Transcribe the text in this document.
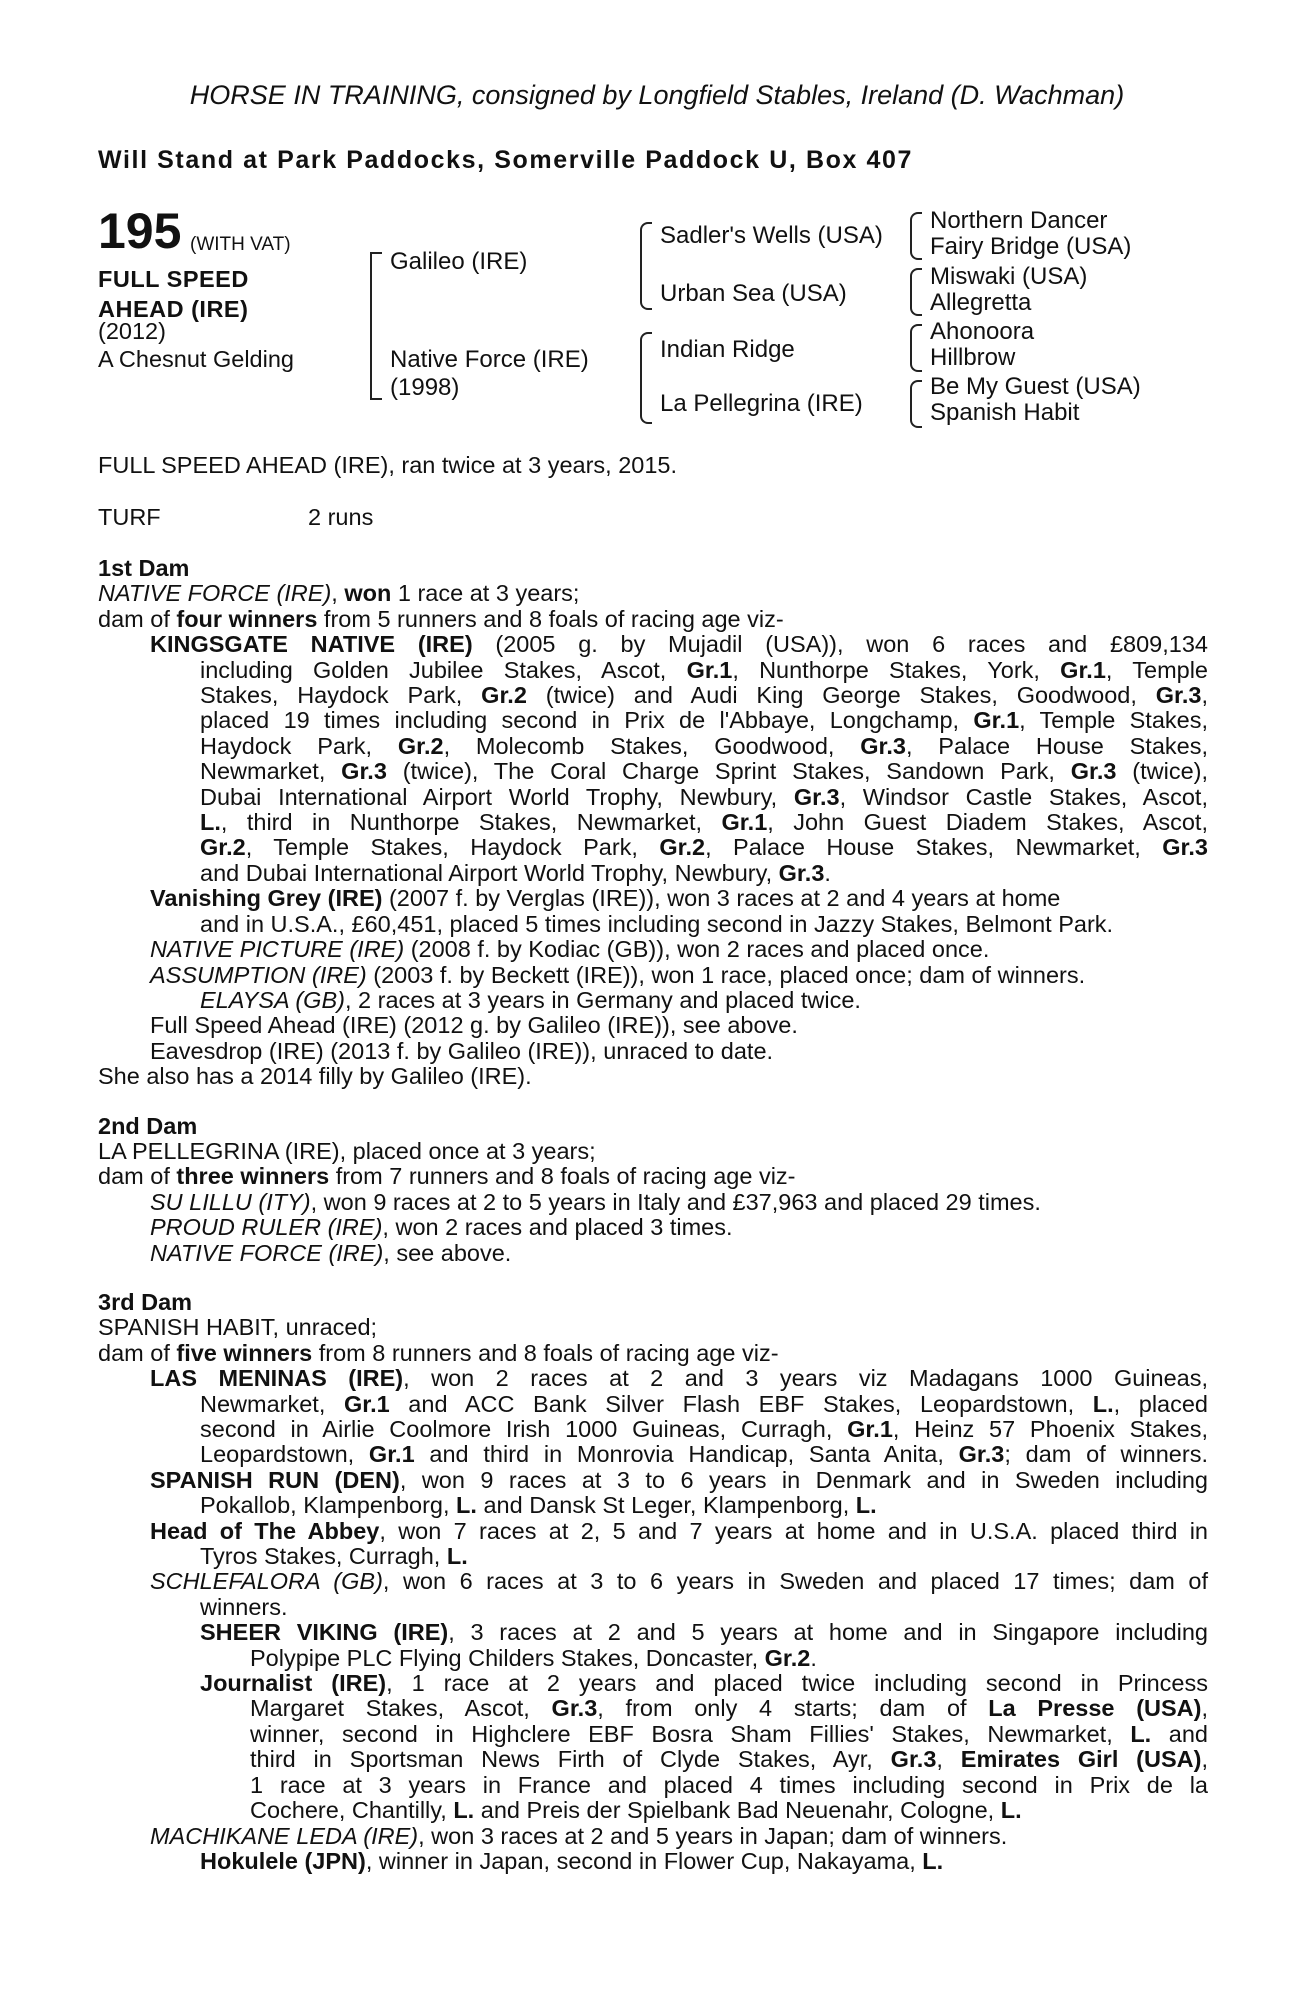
HORSE IN TRAINING, consigned by Longfield Stables, Ireland (D. Wachman)
Will Stand at Park Paddocks, Somerville Paddock U, Box 407
195 (WITH VAT)
FULL SPEED
AHEAD (IRE)
(2012)
A Chesnut Gelding
Galileo (IRE)
Native Force (IRE)
(1998)
Sadler's Wells (USA)
Urban Sea (USA)
Indian Ridge
La Pellegrina (IRE)
Northern Dancer
Fairy Bridge (USA)
Miswaki (USA)
Allegretta
Ahonoora
Hillbrow
Be My Guest (USA)
Spanish Habit
FULL SPEED AHEAD (IRE), ran twice at 3 years, 2015.
TURF	2 runs
1st Dam
NATIVE FORCE (IRE), won 1 race at 3 years;
dam of four winners from 5 runners and 8 foals of racing age viz-
KINGSGATE NATIVE (IRE) (2005 g. by Mujadil (USA)), won 6 races and £809,134
including Golden Jubilee Stakes, Ascot, Gr.1, Nunthorpe Stakes, York, Gr.1, Temple
Stakes, Haydock Park, Gr.2 (twice) and Audi King George Stakes, Goodwood, Gr.3,
placed 19 times including second in Prix de l'Abbaye, Longchamp, Gr.1, Temple Stakes,
Haydock Park, Gr.2, Molecomb Stakes, Goodwood, Gr.3, Palace House Stakes,
Newmarket, Gr.3 (twice), The Coral Charge Sprint Stakes, Sandown Park, Gr.3 (twice),
Dubai International Airport World Trophy, Newbury, Gr.3, Windsor Castle Stakes, Ascot,
L., third in Nunthorpe Stakes, Newmarket, Gr.1, John Guest Diadem Stakes, Ascot,
Gr.2, Temple Stakes, Haydock Park, Gr.2, Palace House Stakes, Newmarket, Gr.3
and Dubai International Airport World Trophy, Newbury, Gr.3.
Vanishing Grey (IRE) (2007 f. by Verglas (IRE)), won 3 races at 2 and 4 years at home
and in U.S.A., £60,451, placed 5 times including second in Jazzy Stakes, Belmont Park.
NATIVE PICTURE (IRE) (2008 f. by Kodiac (GB)), won 2 races and placed once.
ASSUMPTION (IRE) (2003 f. by Beckett (IRE)), won 1 race, placed once; dam of winners.
ELAYSA (GB), 2 races at 3 years in Germany and placed twice.
Full Speed Ahead (IRE) (2012 g. by Galileo (IRE)), see above.
Eavesdrop (IRE) (2013 f. by Galileo (IRE)), unraced to date.
She also has a 2014 filly by Galileo (IRE).
2nd Dam
LA PELLEGRINA (IRE), placed once at 3 years;
dam of three winners from 7 runners and 8 foals of racing age viz-
SU LILLU (ITY), won 9 races at 2 to 5 years in Italy and £37,963 and placed 29 times.
PROUD RULER (IRE), won 2 races and placed 3 times.
NATIVE FORCE (IRE), see above.
3rd Dam
SPANISH HABIT, unraced;
dam of five winners from 8 runners and 8 foals of racing age viz-
LAS MENINAS (IRE), won 2 races at 2 and 3 years viz Madagans 1000 Guineas,
Newmarket, Gr.1 and ACC Bank Silver Flash EBF Stakes, Leopardstown, L., placed
second in Airlie Coolmore Irish 1000 Guineas, Curragh, Gr.1, Heinz 57 Phoenix Stakes,
Leopardstown, Gr.1 and third in Monrovia Handicap, Santa Anita, Gr.3; dam of winners.
SPANISH RUN (DEN), won 9 races at 3 to 6 years in Denmark and in Sweden including
Pokallob, Klampenborg, L. and Dansk St Leger, Klampenborg, L.
Head of The Abbey, won 7 races at 2, 5 and 7 years at home and in U.S.A. placed third in
Tyros Stakes, Curragh, L.
SCHLEFALORA (GB), won 6 races at 3 to 6 years in Sweden and placed 17 times; dam of
winners.
SHEER VIKING (IRE), 3 races at 2 and 5 years at home and in Singapore including
Polypipe PLC Flying Childers Stakes, Doncaster, Gr.2.
Journalist (IRE), 1 race at 2 years and placed twice including second in Princess
Margaret Stakes, Ascot, Gr.3, from only 4 starts; dam of La Presse (USA),
winner, second in Highclere EBF Bosra Sham Fillies' Stakes, Newmarket, L. and
third in Sportsman News Firth of Clyde Stakes, Ayr, Gr.3, Emirates Girl (USA),
1 race at 3 years in France and placed 4 times including second in Prix de la
Cochere, Chantilly, L. and Preis der Spielbank Bad Neuenahr, Cologne, L.
MACHIKANE LEDA (IRE), won 3 races at 2 and 5 years in Japan; dam of winners.
Hokulele (JPN), winner in Japan, second in Flower Cup, Nakayama, L.
